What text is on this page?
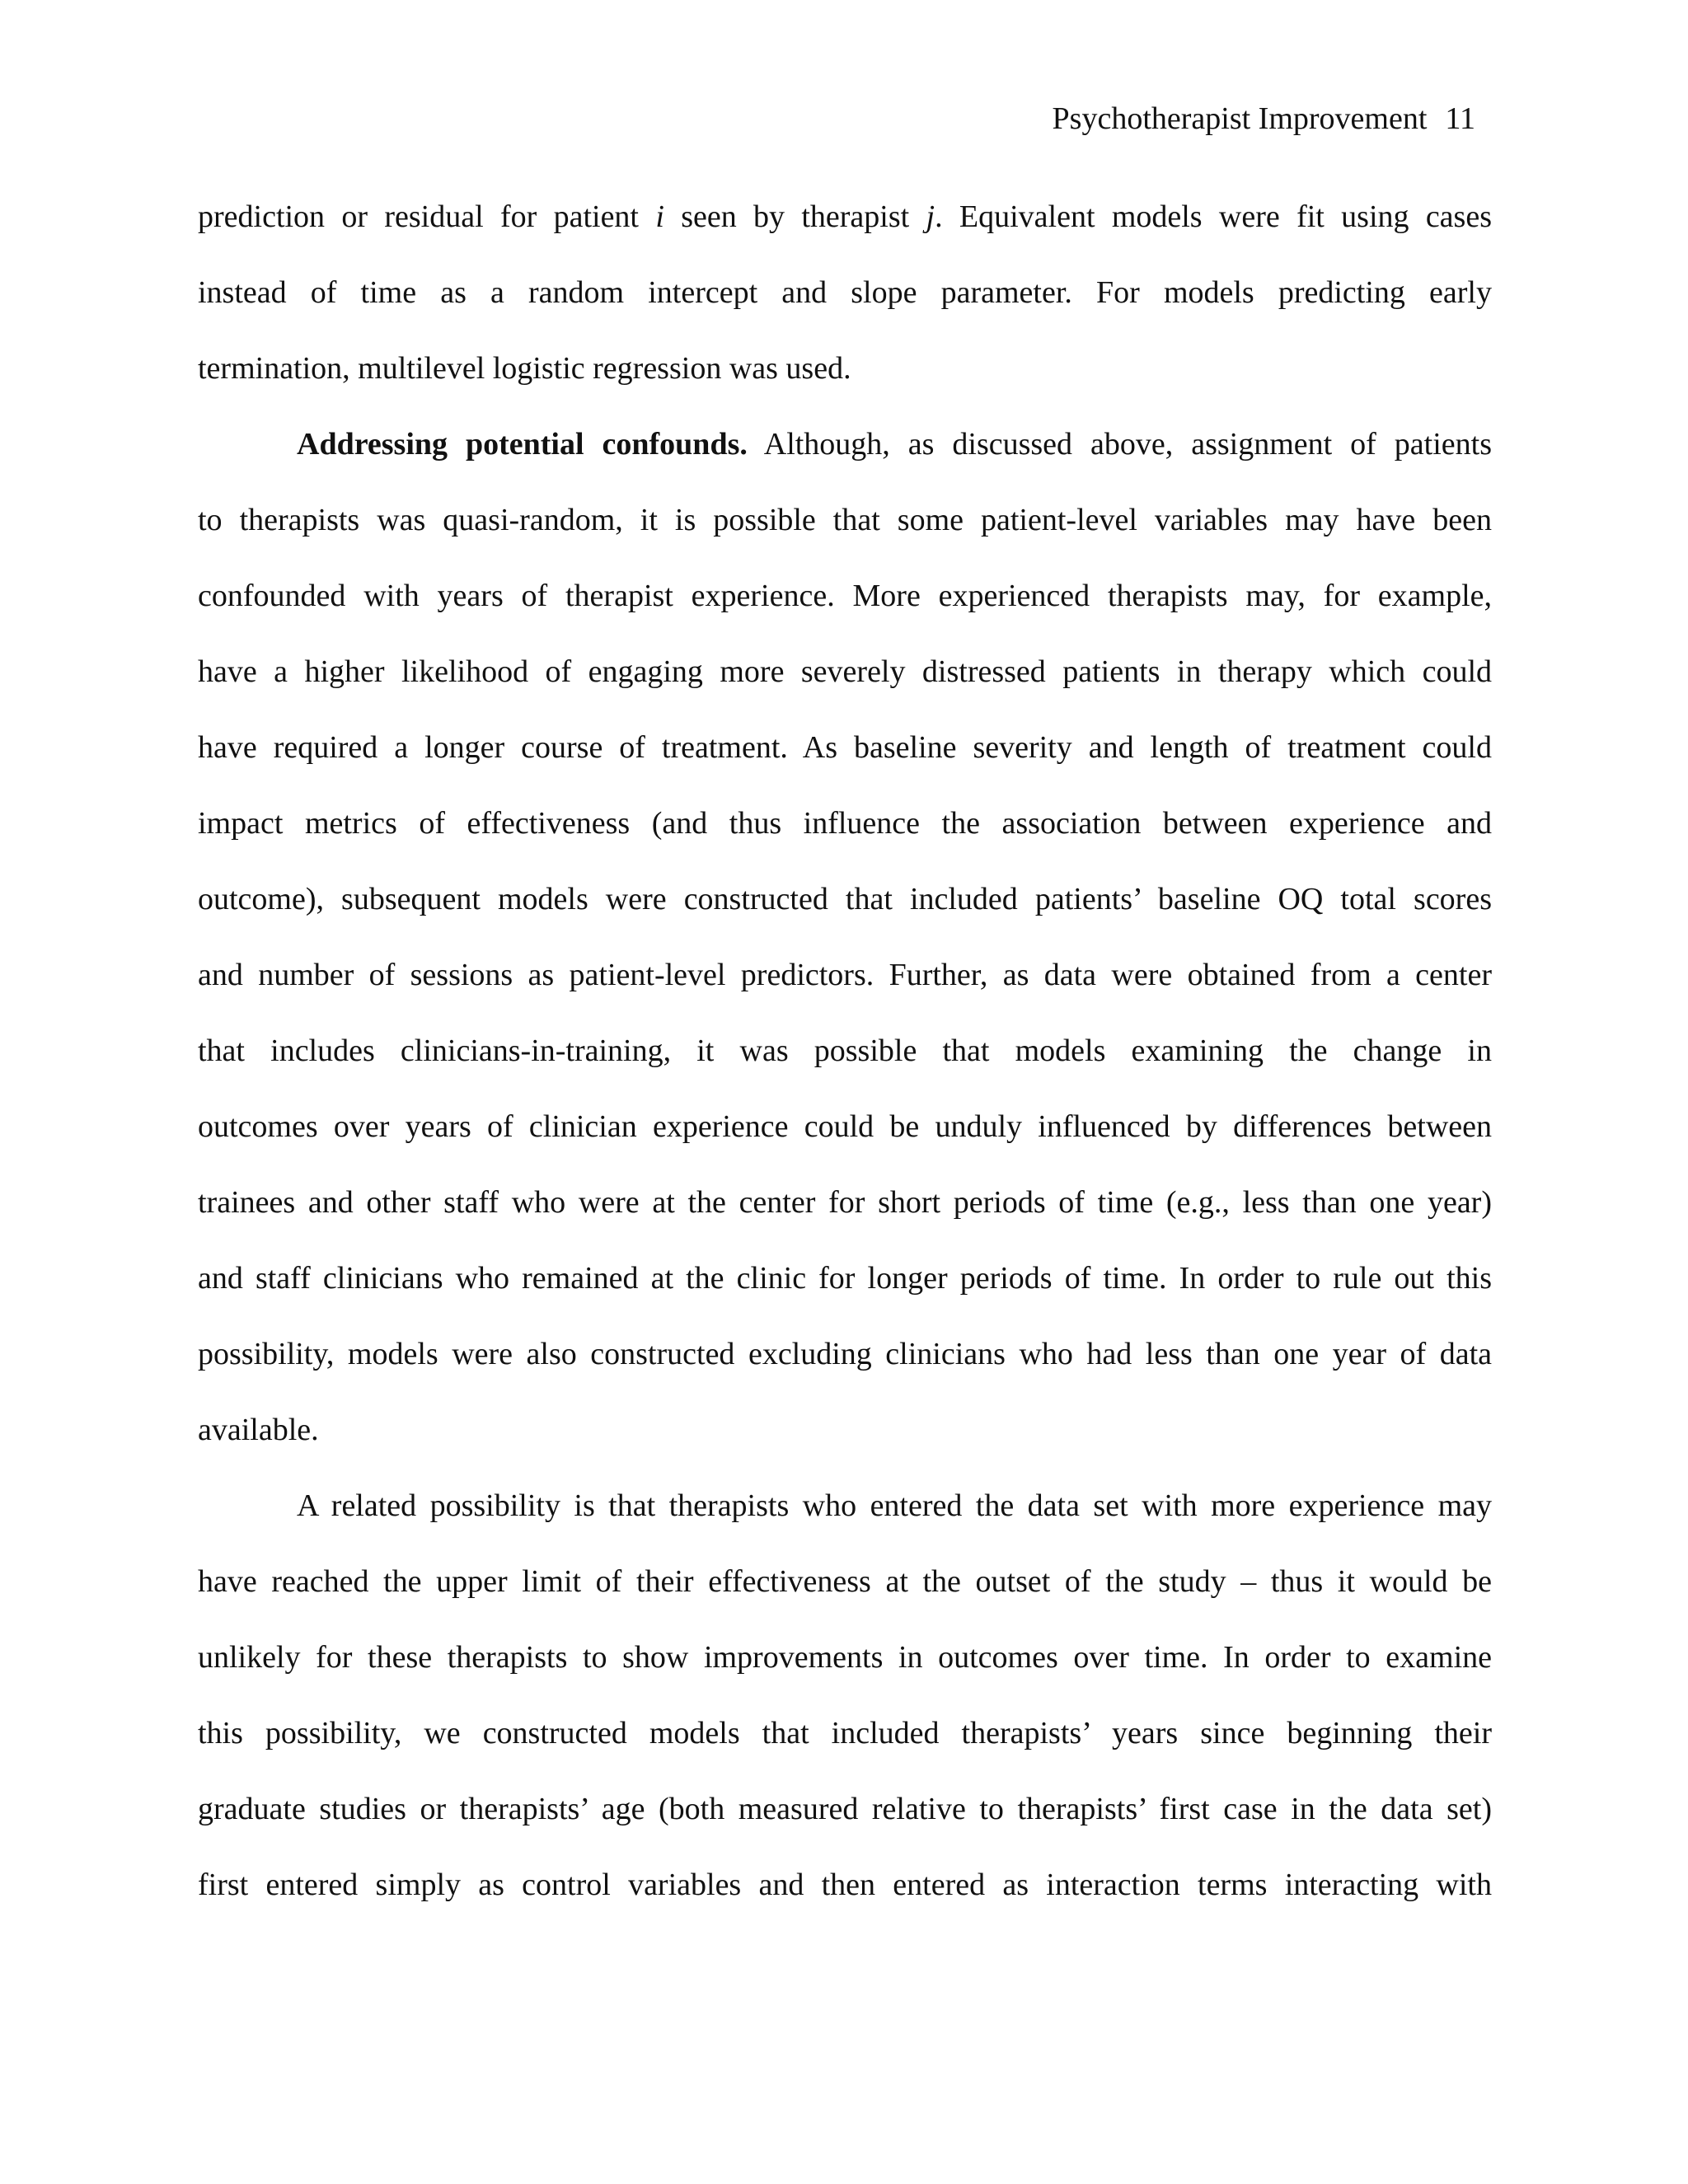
Psychotherapist Improvement 11
prediction or residual for patient i seen by therapist j. Equivalent models were fit using cases
instead of time as a random intercept and slope parameter. For models predicting early
termination, multilevel logistic regression was used.
Addressing potential confounds. Although, as discussed above, assignment of patients
to therapists was quasi-random, it is possible that some patient-level variables may have been
confounded with years of therapist experience. More experienced therapists may, for example,
have a higher likelihood of engaging more severely distressed patients in therapy which could
have required a longer course of treatment. As baseline severity and length of treatment could
impact metrics of effectiveness (and thus influence the association between experience and
outcome), subsequent models were constructed that included patients’ baseline OQ total scores
and number of sessions as patient-level predictors. Further, as data were obtained from a center
that includes clinicians-in-training, it was possible that models examining the change in
outcomes over years of clinician experience could be unduly influenced by differences between
trainees and other staff who were at the center for short periods of time (e.g., less than one year)
and staff clinicians who remained at the clinic for longer periods of time. In order to rule out this
possibility, models were also constructed excluding clinicians who had less than one year of data
available.
A related possibility is that therapists who entered the data set with more experience may
have reached the upper limit of their effectiveness at the outset of the study – thus it would be
unlikely for these therapists to show improvements in outcomes over time. In order to examine
this possibility, we constructed models that included therapists’ years since beginning their
graduate studies or therapists’ age (both measured relative to therapists’ first case in the data set)
first entered simply as control variables and then entered as interaction terms interacting with
